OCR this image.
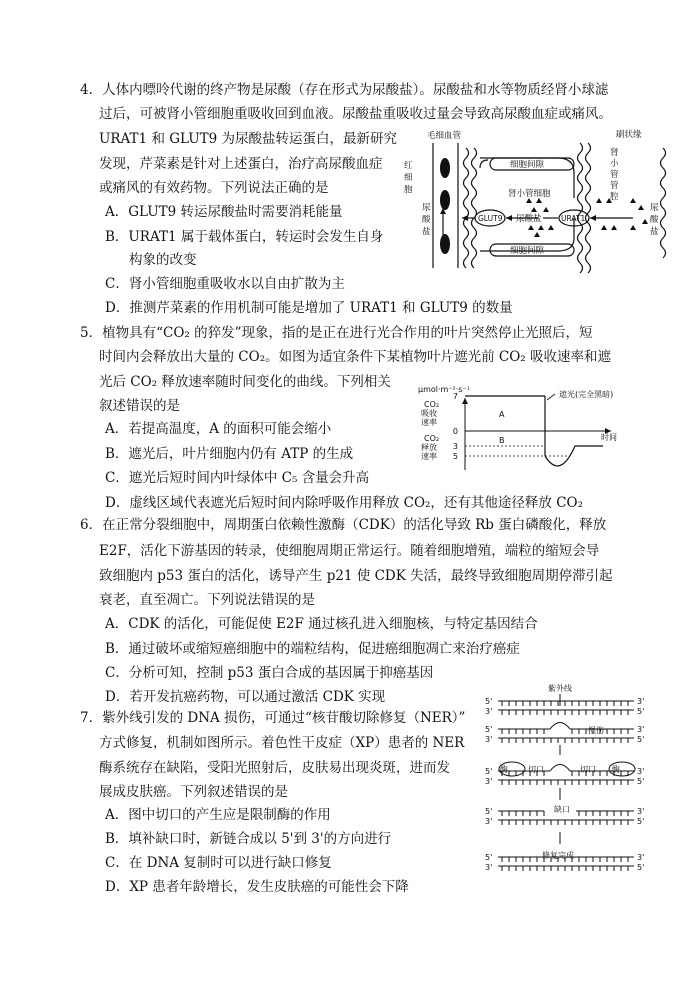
4．人体内嘌呤代谢的终产物是尿酸（存在形式为尿酸盐）。尿酸盐和水等物质经肾小球滤
过后，可被肾小管细胞重吸收回到血液。尿酸盐重吸收过量会导致高尿酸血症或痛风。
URAT1 和 GLUT9 为尿酸盐转运蛋白，最新研究
发现，芹菜素是针对上述蛋白，治疗高尿酸血症
或痛风的有效药物。下列说法正确的是
A．GLUT9 转运尿酸盐时需要消耗能量
B．URAT1 属于载体蛋白，转运时会发生自身
构象的改变
C．肾小管细胞重吸收水以自由扩散为主
D．推测芹菜素的作用机制可能是增加了 URAT1 和 GLUT9 的数量
毛细血管
红
细
胞
尿
酸
盐
细胞间隙
细胞间隙
肾小管细胞
GLUT9 尿酸盐	URAT1
刷状缘
肾
小
管
管
腔
尿
酸
盐
5．植物具有“CO₂ 的猝发”现象，指的是正在进行光合作用的叶片突然停止光照后，短
时间内会释放出大量的 CO₂。如图为适宜条件下某植物叶片遮光前 CO₂ 吸收速率和遮
光后 CO₂ 释放速率随时间变化的曲线。下列相关
叙述错误的是
A．若提高温度，A 的面积可能会缩小
B．遮光后，叶片细胞内仍有 ATP 的生成
C．遮光后短时间内叶绿体中 C₅ 含量会升高
D．虚线区域代表遮光后短时间内除呼吸作用释放 CO₂，还有其他途径释放 CO₂
μmol·m⁻²·s⁻¹
遮光(完全黑暗)
CO₂
吸收
速率
CO₂
释放
速率
时间
7
0
3
5
A
B
6．在正常分裂细胞中，周期蛋白依赖性激酶（CDK）的活化导致 Rb 蛋白磷酸化，释放
E2F，活化下游基因的转录，使细胞周期正常运行。随着细胞增殖，端粒的缩短会导
致细胞内 p53 蛋白的活化，诱导产生 p21 使 CDK 失活，最终导致细胞周期停滞引起
衰老，直至凋亡。下列说法错误的是
A．CDK 的活化，可能促使 E2F 通过核孔进入细胞核，与特定基因结合
B．通过破坏或缩短癌细胞中的端粒结构，促进癌细胞凋亡来治疗癌症
C．分析可知，控制 p53 蛋白合成的基因属于抑癌基因
D．若开发抗癌药物，可以通过激活 CDK 实现
7．紫外线引发的 DNA 损伤，可通过“核苷酸切除修复（NER）”
方式修复，机制如图所示。着色性干皮症（XP）患者的 NER
酶系统存在缺陷，受阳光照射后，皮肤易出现炎斑，进而发
展成皮肤癌。下列叙述错误的是
A．图中切口的产生应是限制酶的作用
B．填补缺口时，新链合成以 5'到 3'的方向进行
C．在 DNA 复制时可以进行缺口修复
D．XP 患者年龄增长，发生皮肤癌的可能性会下降
紫外线
损伤
酶	切口	切口 酶
缺口
修复完成
5'
3'
3'
5'
5'
3'
3'
5'
5'
3'
3'
5'
5'
3'
3'
5'
5'
3'
3'
5'
